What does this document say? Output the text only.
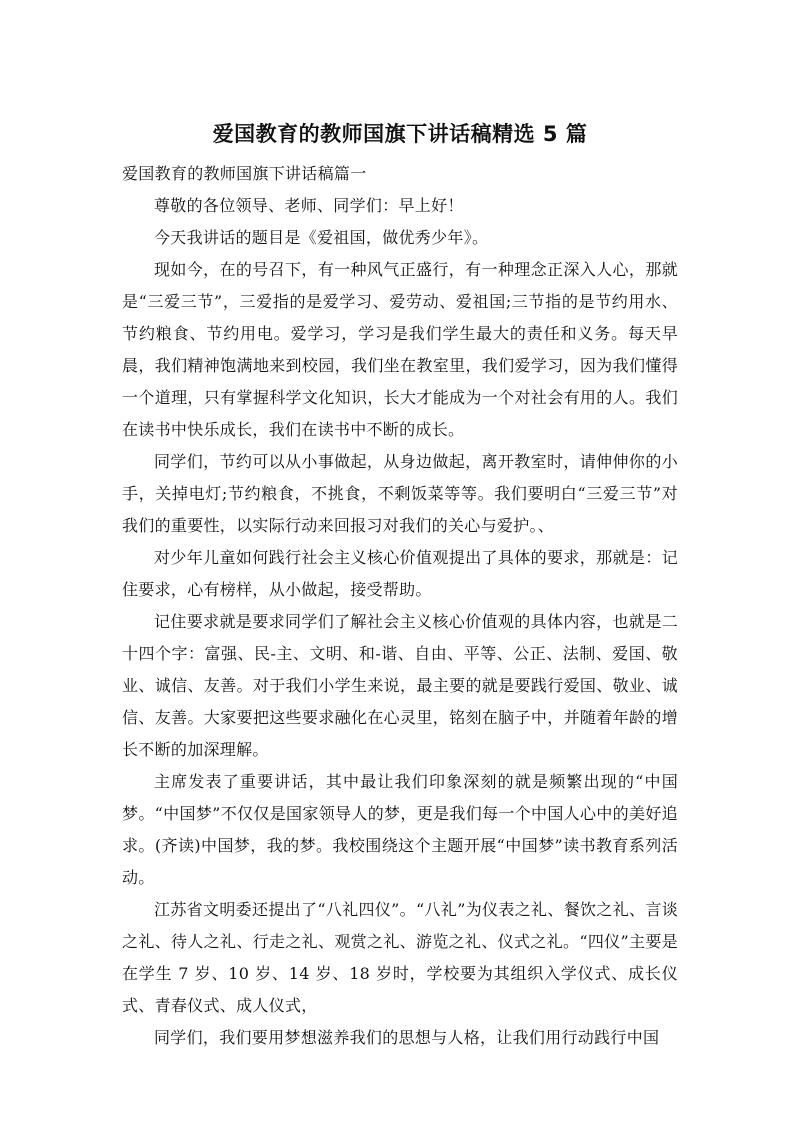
爱国教育的教师国旗下讲话稿精选 5 篇

爱国教育的教师国旗下讲话稿篇一

尊敬的各位领导、老师、同学们：早上好！

今天我讲话的题目是《爱祖国，做优秀少年》。

现如今，在的号召下，有一种风气正盛行，有一种理念正深入人心，那就是“三爱三节”，三爱指的是爱学习、爱劳动、爱祖国;三节指的是节约用水、节约粮食、节约用电。爱学习，学习是我们学生最大的责任和义务。每天早晨，我们精神饱满地来到校园，我们坐在教室里，我们爱学习，因为我们懂得一个道理，只有掌握科学文化知识，长大才能成为一个对社会有用的人。我们在读书中快乐成长，我们在读书中不断的成长。

同学们，节约可以从小事做起，从身边做起，离开教室时，请伸伸你的小手，关掉电灯;节约粮食，不挑食，不剩饭菜等等。我们要明白“三爱三节”对我们的重要性，以实际行动来回报习对我们的关心与爱护。、

对少年儿童如何践行社会主义核心价值观提出了具体的要求，那就是：记住要求，心有榜样，从小做起，接受帮助。

记住要求就是要求同学们了解社会主义核心价值观的具体内容，也就是二十四个字：富强、民-主、文明、和-谐、自由、平等、公正、法制、爱国、敬业、诚信、友善。对于我们小学生来说，最主要的就是要践行爱国、敬业、诚信、友善。大家要把这些要求融化在心灵里，铭刻在脑子中，并随着年龄的增长不断的加深理解。

主席发表了重要讲话，其中最让我们印象深刻的就是频繁出现的“中国梦。“中国梦”不仅仅是国家领导人的梦，更是我们每一个中国人心中的美好追求。(齐读)中国梦，我的梦。我校围绕这个主题开展“中国梦”读书教育系列活动。

江苏省文明委还提出了“八礼四仪”。“八礼”为仪表之礼、餐饮之礼、言谈之礼、待人之礼、行走之礼、观赏之礼、游览之礼、仪式之礼。“四仪”主要是在学生 7 岁、10 岁、14 岁、18 岁时，学校要为其组织入学仪式、成长仪式、青春仪式、成人仪式，

同学们，我们要用梦想滋养我们的思想与人格，让我们用行动践行中国
